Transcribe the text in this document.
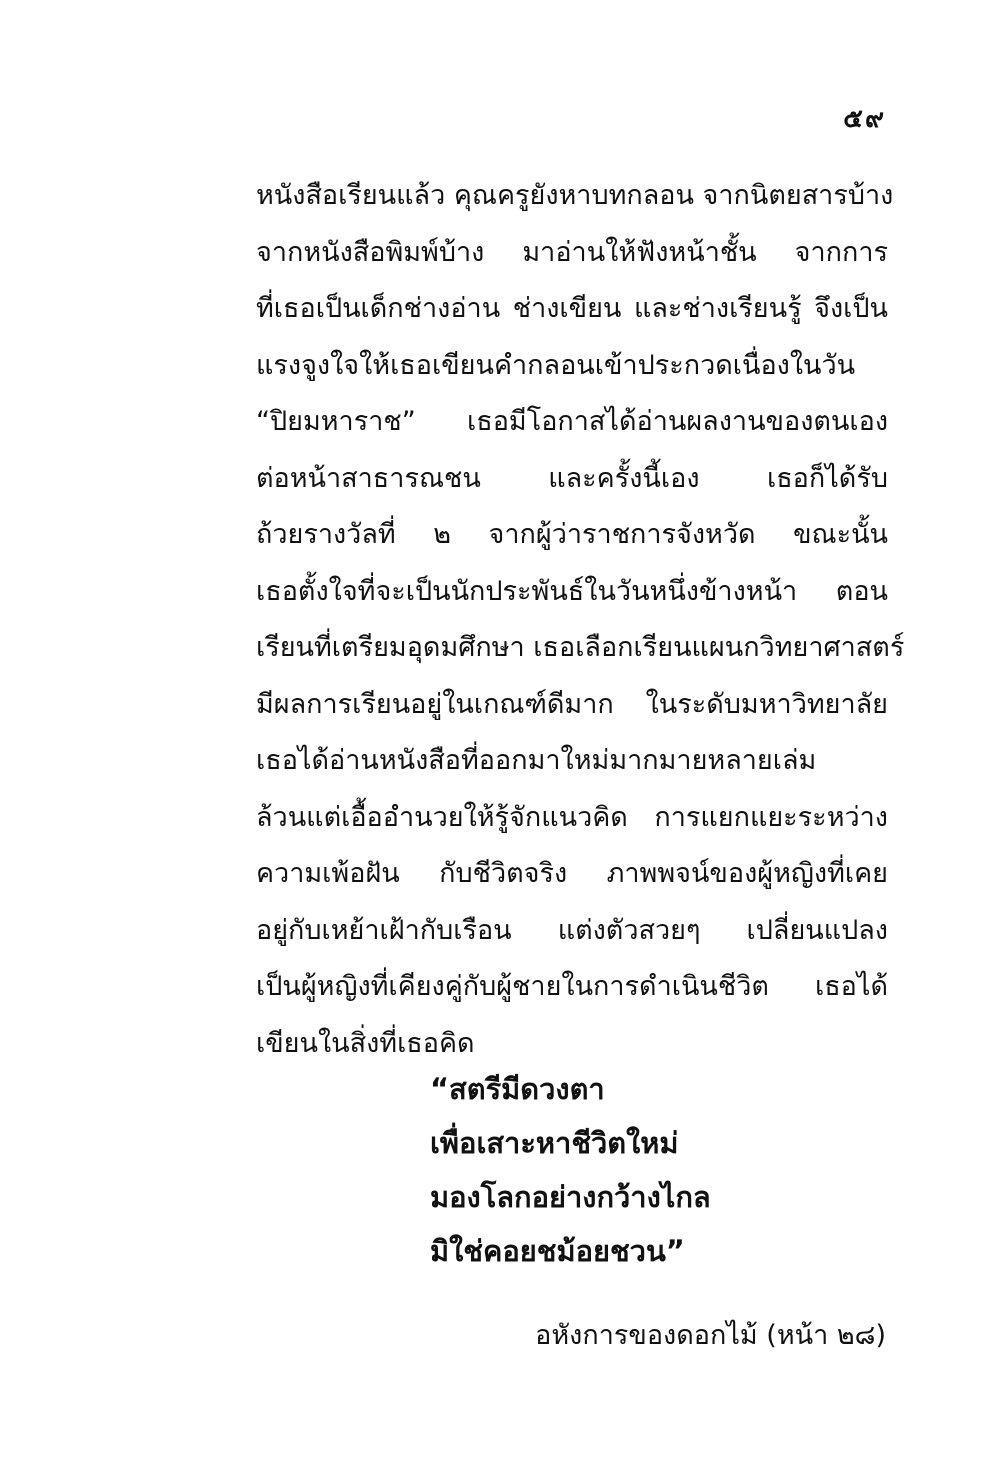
๕๙
หนังสือเรียนแล้ว คุณครูยังหาบทกลอน จากนิตยสารบ้าง
จากหนังสือพิมพ์บ้าง มาอ่านให้ฟังหน้าชั้น จากการ
ที่เธอเป็นเด็กช่างอ่าน ช่างเขียน และช่างเรียนรู้ จึงเป็น
แรงจูงใจให้เธอเขียนคำกลอนเข้าประกวดเนื่องในวัน
“ปิยมหาราช” เธอมีโอกาสได้อ่านผลงานของตนเอง
ต่อหน้าสาธารณชน และครั้งนี้เอง เธอก็ได้รับ
ถ้วยรางวัลที่ ๒ จากผู้ว่าราชการจังหวัด ขณะนั้น
เธอตั้งใจที่จะเป็นนักประพันธ์ในวันหนึ่งข้างหน้า ตอน
เรียนที่เตรียมอุดมศึกษา เธอเลือกเรียนแผนกวิทยาศาสตร์
มีผลการเรียนอยู่ในเกณฑ์ดีมาก ในระดับมหาวิทยาลัย
เธอได้อ่านหนังสือที่ออกมาใหม่มากมายหลายเล่ม
ล้วนแต่เอื้ออำนวยให้รู้จักแนวคิด การแยกแยะระหว่าง
ความเพ้อฝัน กับชีวิตจริง ภาพพจน์ของผู้หญิงที่เคย
อยู่กับเหย้าเฝ้ากับเรือน แต่งตัวสวยๆ เปลี่ยนแปลง
เป็นผู้หญิงที่เคียงคู่กับผู้ชายในการดำเนินชีวิต เธอได้
เขียนในสิ่งที่เธอคิด
“สตรีมีดวงตา
เพื่อเสาะหาชีวิตใหม่
มองโลกอย่างกว้างไกล
มิใช่คอยชม้อยชวน”
อหังการของดอกไม้ (หน้า ๒๘)
